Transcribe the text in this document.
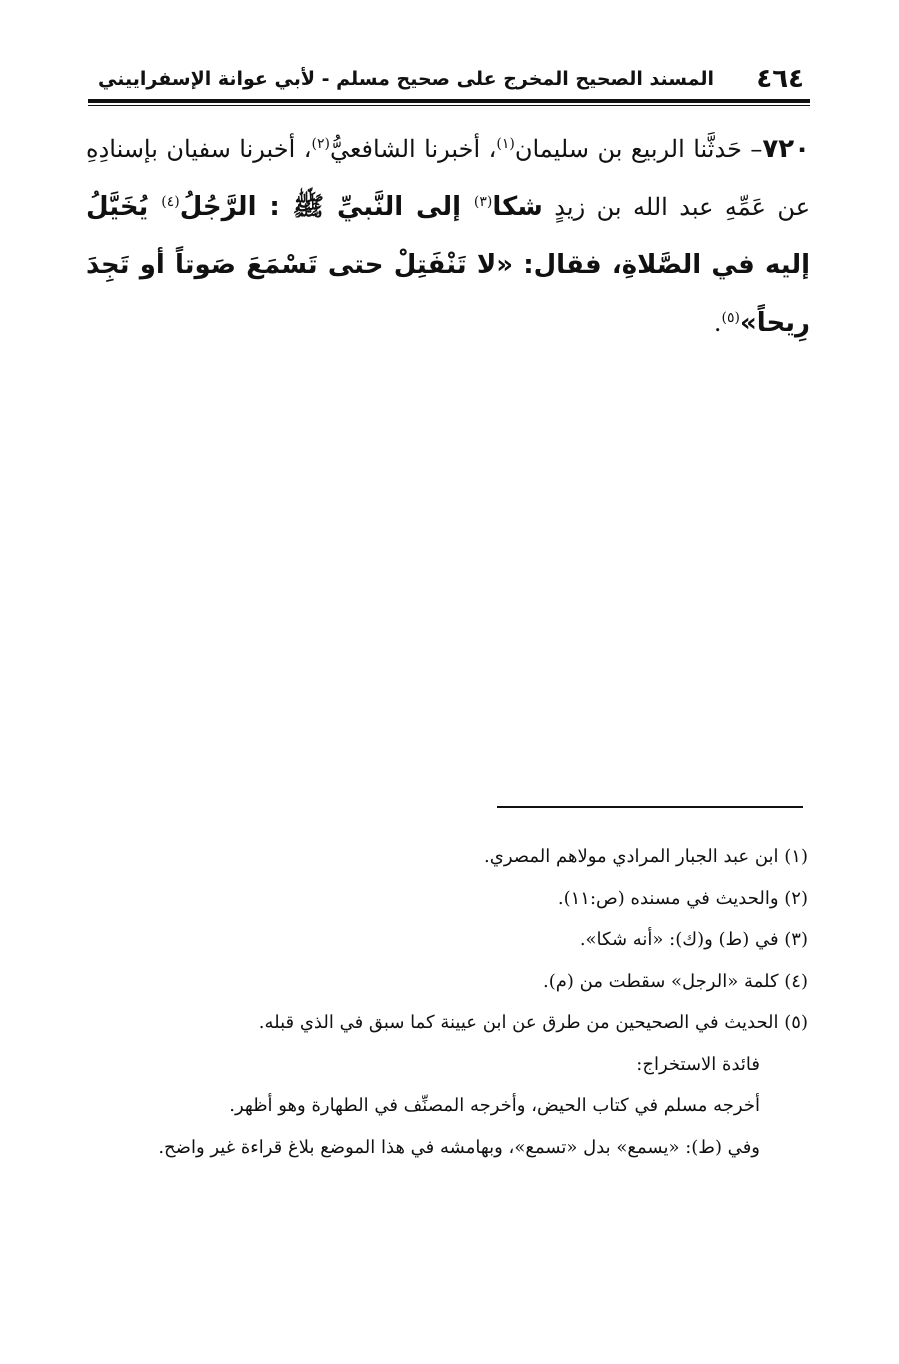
٤٦٤
المسند الصحيح المخرج على صحيح مسلم - لأبي عوانة الإسفراييني
٧٢٠– حَدثَّنا الربيع بن سليمان$^{(١)}$، أخبرنا الشافعيُّ$^{(٢)}$، أخبرنا سفيان بإسنادِهِ عن عَمِّهِ عبد الله بن زيدٍ شكا$^{(٣)}$ إلى النَّبيِّ ﷺ : الرَّجُلُ$^{(٤)}$ يُخَيَّلُ إليه في الصَّلاةِ، فقال: «لا تَنْفَتِلْ حتى تَسْمَعَ صَوتاً أو تَجِدَ رِيحاً»$^{(٥)}$.
(١) ابن عبد الجبار المرادي مولاهم المصري.
(٢) والحديث في مسنده (ص:١١).
(٣) في (ط) و(ك): «أنه شكا».
(٤) كلمة «الرجل» سقطت من (م).
(٥) الحديث في الصحيحين من طرق عن ابن عيينة كما سبق في الذي قبله.
فائدة الاستخراج:
أخرجه مسلم في كتاب الحيض، وأخرجه المصنِّف في الطهارة وهو أظهر.
وفي (ط): «يسمع» بدل «تسمع»، وبهامشه في هذا الموضع بلاغ قراءة غير واضح.
